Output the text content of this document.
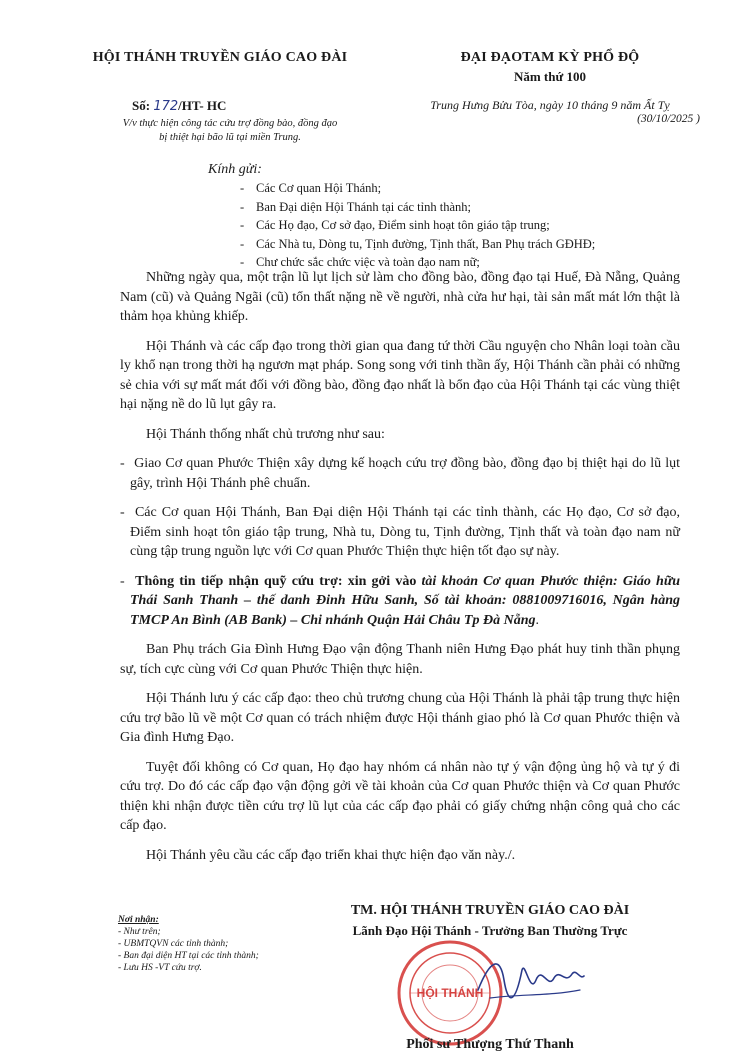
HỘI THÁNH TRUYỀN GIÁO CAO ĐÀI	ĐẠI ĐẠOTAM KỲ PHỔ ĐỘ
Năm thứ 100
Số: 172/HT- HC
V/v thực hiện công tác cứu trợ đồng bào, đồng đạo
bị thiệt hại bão lũ tại miền Trung.
Trung Hưng Bửu Tòa, ngày 10 tháng 9 năm Ất Tỵ
(30/10/2025 )
Kính gửi:
- Các Cơ quan Hội Thánh;
- Ban Đại diện Hội Thánh tại các tỉnh thành;
- Các Họ đạo, Cơ sở đạo, Điểm sinh hoạt tôn giáo tập trung;
- Các Nhà tu, Dòng tu, Tịnh đường, Tịnh thất, Ban Phụ trách GĐHĐ;
- Chư chức sắc chức việc và toàn đạo nam nữ;

Những ngày qua, một trận lũ lụt lịch sử làm cho đồng bào, đồng đạo tại Huế, Đà Nẵng, Quảng Nam (cũ) và Quảng Ngãi (cũ) tổn thất nặng nề về người, nhà cửa hư hại, tài sản mất mát lớn thật là thảm họa khủng khiếp.

Hội Thánh và các cấp đạo trong thời gian qua đang tứ thời Cầu nguyện cho Nhân loại toàn cầu ly khổ nạn trong thời hạ ngươn mạt pháp. Song song với tinh thần ấy, Hội Thánh cần phải có những sẻ chia với sự mất mát đối với đồng bào, đồng đạo nhất là bổn đạo của Hội Thánh tại các vùng thiệt hại nặng nề do lũ lụt gây ra.

Hội Thánh thống nhất chủ trương như sau:

- Giao Cơ quan Phước Thiện xây dựng kế hoạch cứu trợ đồng bào, đồng đạo bị thiệt hại do lũ lụt gây, trình Hội Thánh phê chuẩn.

- Các Cơ quan Hội Thánh, Ban Đại diện Hội Thánh tại các tỉnh thành, các Họ đạo, Cơ sở đạo, Điểm sinh hoạt tôn giáo tập trung, Nhà tu, Dòng tu, Tịnh đường, Tịnh thất và toàn đạo nam nữ cùng tập trung nguồn lực với Cơ quan Phước Thiện thực hiện tốt đạo sự này.

- Thông tin tiếp nhận quỹ cứu trợ: xin gởi vào tài khoản Cơ quan Phước thiện: Giáo hữu Thái Sanh Thanh – thế danh Đinh Hữu Sanh, Số tài khoản: 0881009716016, Ngân hàng TMCP An Bình (AB Bank) – Chi nhánh Quận Hải Châu Tp Đà Nẵng.

Ban Phụ trách Gia Đình Hưng Đạo vận động Thanh niên Hưng Đạo phát huy tinh thần phụng sự, tích cực cùng với Cơ quan Phước Thiện thực hiện.

Hội Thánh lưu ý các cấp đạo: theo chủ trương chung của Hội Thánh là phải tập trung thực hiện cứu trợ bão lũ về một Cơ quan có trách nhiệm được Hội thánh giao phó là Cơ quan Phước thiện và Gia đình Hưng Đạo.

Tuyệt đối không có Cơ quan, Họ đạo hay nhóm cá nhân nào tự ý vận động ủng hộ và tự ý đi cứu trợ. Do đó các cấp đạo vận động gởi về tài khoản của Cơ quan Phước thiện và Cơ quan Phước thiện khi nhận được tiền cứu trợ lũ lụt của các cấp đạo phải có giấy chứng nhận công quả cho các cấp đạo.

Hội Thánh yêu cầu các cấp đạo triển khai thực hiện đạo văn này./.

Nơi nhận:
- Như trên;
- UBMTQVN các tỉnh thành;
- Ban đại diện HT tại các tỉnh thành;
- Lưu HS -VT cứu trợ.
TM. HỘI THÁNH TRUYỀN GIÁO CAO ĐÀI
Lãnh Đạo Hội Thánh - Trưởng Ban Thường Trực
HỘI THÁNH
Phối sư Thượng Thứ Thanh
